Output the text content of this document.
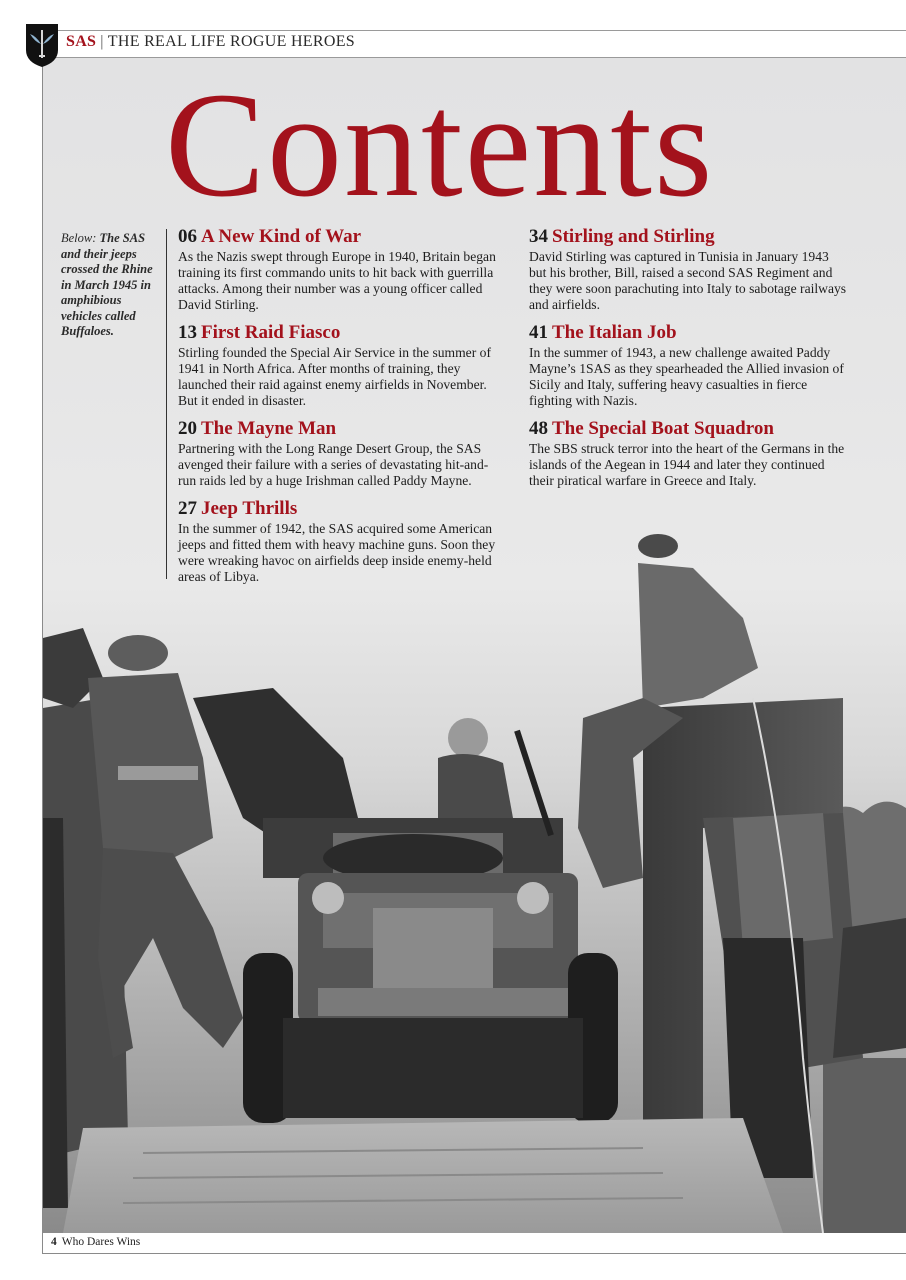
SAS | THE REAL LIFE ROGUE HEROES
Contents
Below: The SAS and their jeeps crossed the Rhine in March 1945 in amphibious vehicles called Buffaloes.
06 A New Kind of War
As the Nazis swept through Europe in 1940, Britain began training its first commando units to hit back with guerrilla attacks. Among their number was a young officer called David Stirling.
13 First Raid Fiasco
Stirling founded the Special Air Service in the summer of 1941 in North Africa. After months of training, they launched their raid against enemy airfields in November. But it ended in disaster.
20 The Mayne Man
Partnering with the Long Range Desert Group, the SAS avenged their failure with a series of devastating hit-and-run raids led by a huge Irishman called Paddy Mayne.
27 Jeep Thrills
In the summer of 1942, the SAS acquired some American jeeps and fitted them with heavy machine guns. Soon they were wreaking havoc on airfields deep inside enemy-held areas of Libya.
34 Stirling and Stirling
David Stirling was captured in Tunisia in January 1943 but his brother, Bill, raised a second SAS Regiment and they were soon parachuting into Italy to sabotage railways and airfields.
41 The Italian Job
In the summer of 1943, a new challenge awaited Paddy Mayne’s 1SAS as they spearheaded the Allied invasion of Sicily and Italy, suffering heavy casualties in fierce fighting with Nazis.
48 The Special Boat Squadron
The SBS struck terror into the heart of the Germans in the islands of the Aegean in 1944 and later they continued their piratical warfare in Greece and Italy.
4 Who Dares Wins
